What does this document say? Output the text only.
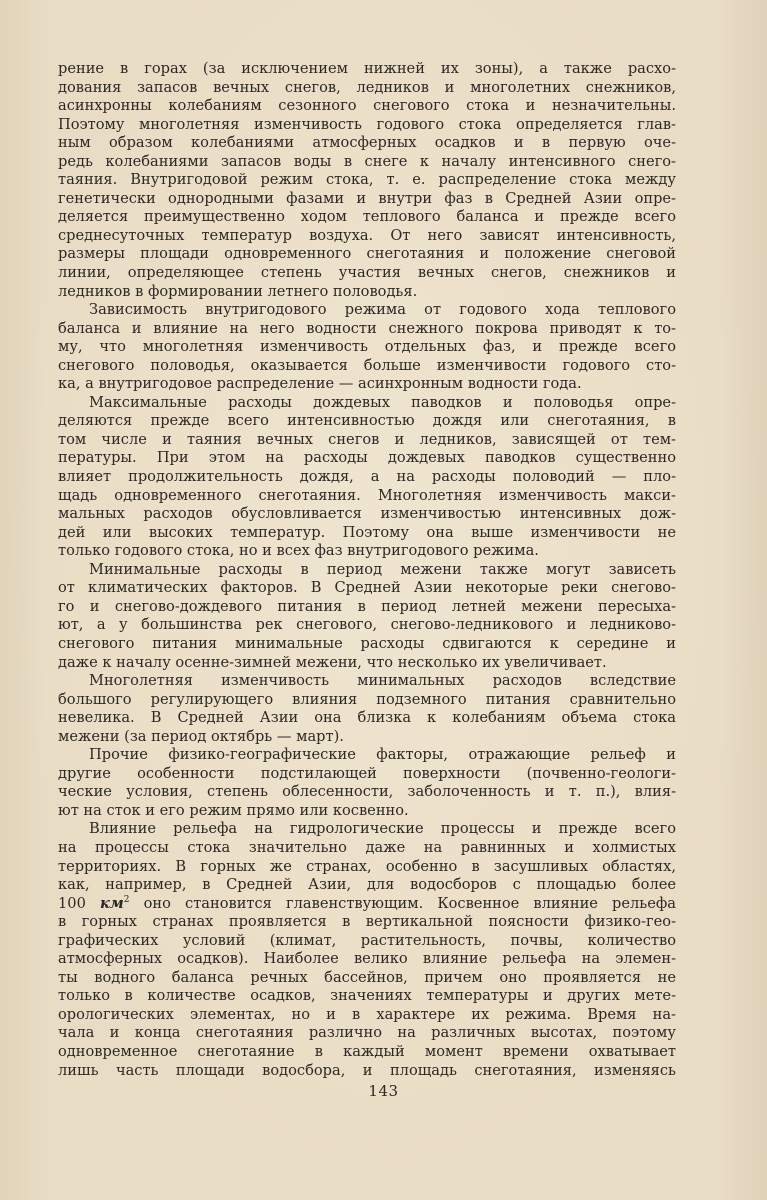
рение в горах (за исключением нижней их зоны), а также расхо-
дования запасов вечных снегов, ледников и многолетних снежников,
асинхронны колебаниям сезонного снегового стока и незначительны.
Поэтому многолетняя изменчивость годового стока определяется глав-
ным образом колебаниями атмосферных осадков и в первую оче-
редь колебаниями запасов воды в снеге к началу интенсивного снего-
таяния. Внутригодовой режим стока, т. е. распределение стока между
генетически однородными фазами и внутри фаз в Средней Азии опре-
деляется преимущественно ходом теплового баланса и прежде всего
среднесуточных температур воздуха. От него зависят интенсивность,
размеры площади одновременного снеготаяния и положение снеговой
линии, определяющее степень участия вечных снегов, снежников и
ледников в формировании летнего половодья.
Зависимость внутригодового режима от годового хода теплового
баланса и влияние на него водности снежного покрова приводят к то-
му, что многолетняя изменчивость отдельных фаз, и прежде всего
снегового половодья, оказывается больше изменчивости годового сто-
ка, а внутригодовое распределение — асинхронным водности года.
Максимальные расходы дождевых паводков и половодья опре-
деляются прежде всего интенсивностью дождя или снеготаяния, в
том числе и таяния вечных снегов и ледников, зависящей от тем-
пературы. При этом на расходы дождевых паводков существенно
влияет продолжительность дождя, а на расходы половодий — пло-
щадь одновременного снеготаяния. Многолетняя изменчивость макси-
мальных расходов обусловливается изменчивостью интенсивных дож-
дей или высоких температур. Поэтому она выше изменчивости не
только годового стока, но и всех фаз внутригодового режима.
Минимальные расходы в период межени также могут зависеть
от климатических факторов. В Средней Азии некоторые реки снегово-
го и снегово-дождевого питания в период летней межени пересыха-
ют, а у большинства рек снегового, снегово-ледникового и ледниково-
снегового питания минимальные расходы сдвигаются к середине и
даже к началу осенне-зимней межени, что несколько их увеличивает.
Многолетняя изменчивость минимальных расходов вследствие
большого регулирующего влияния подземного питания сравнительно
невелика. В Средней Азии она близка к колебаниям объема стока
межени (за период октябрь — март).
Прочие физико-географические факторы, отражающие рельеф и
другие особенности подстилающей поверхности (почвенно-геологи-
ческие условия, степень облесенности, заболоченность и т. п.), влия-
ют на сток и его режим прямо или косвенно.
Влияние рельефа на гидрологические процессы и прежде всего
на процессы стока значительно даже на равнинных и холмистых
территориях. В горных же странах, особенно в засушливых областях,
как, например, в Средней Азии, для водосборов с площадью более
100 $км^2$ оно становится главенствующим. Косвенное влияние рельефа
в горных странах проявляется в вертикальной поясности физико-гео-
графических условий (климат, растительность, почвы, количество
атмосферных осадков). Наиболее велико влияние рельефа на элемен-
ты водного баланса речных бассейнов, причем оно проявляется не
только в количестве осадков, значениях температуры и других мете-
орологических элементах, но и в характере их режима. Время на-
чала и конца снеготаяния различно на различных высотах, поэтому
одновременное снеготаяние в каждый момент времени охватывает
лишь часть площади водосбора, и площадь снеготаяния, изменяясь
143
